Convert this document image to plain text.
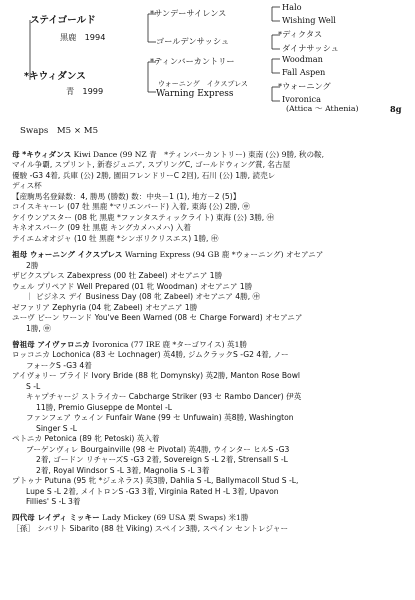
ステイゴールド
黒鹿　1994
*キウィダンス
青　1999
*サンデーサイレンス
ゴールデンサッシュ
*ティンバーカントリー
ウォーニング　イクスプレス
Warning Express
Halo
Wishing Well
*ディクタス
ダイナサッシュ
Woodman
Fall Aspen
*ウォーニング
Ivoronica
(Attica ～ Athenia)	8g
Swaps　M5 × M5
母 *キウィダンス Kiwi Dance (99 NZ 青　*ティンバーカントリー) 東南 (公) 9勝, 秋の鞍,
マイル争覇, スプリント, 新春ジュニア, スプリングC, ゴールドウィング賞, 名古屋
優駿 -G3 4着, 兵庫 (公) 2勝, 園田フレンドリーC 2回), 石川 (公) 1勝, 読売レ
ディス杯
【産駒馬名登録数：4, 勝馬 (勝数) 数：中央－1 (1), 地方－2 (5)】
コイスキャーレ (07 牡 黒鹿 *マリエンバード) 入着, 東海 (公) 2勝, ㊥
ケイウンアスター (08 牝 黒鹿 *ファンタスティックライト) 東海 (公) 3勝, ㊥
キネオスバーク (09 牡 黒鹿 キングカメハメハ) 入着
テイエムオオジャ (10 牡 黒鹿 *シンボリクリスエス) 1勝, ㊥
祖母 ウォーニング イクスプレス Warning Express (94 GB 鹿 *ウォーニング) オセアニア
2勝
ザビクスプレス Zabexpress (00 牡 Zabeel) オセアニア 1勝
ウェル プリペアド Well Prepared (01 牝 Woodman) オセアニア 1勝
｜ ビジネス デイ Business Day (08 牝 Zabeel) オセアニア 4勝, ㊥
ゼファリア Zephyria (04 牝 Zabeel) オセアニア 1勝
ユーヴ ビーン ワーンド You've Been Warned (08 セ Charge Forward) オセアニア
1勝, ㊥
曾祖母 アイヴァロニカ Ivoronica (77 IRE 鹿 *ターゴワイス) 英1勝
ロッコニカ Lochonica (83 セ Lochnager) 英4勝, ジムクラックS -G2 4着, ノー
フォークS -G3 4着
アイヴォリー ブライド Ivory Bride (88 牝 Domynsky) 英2勝, Manton Rose Bowl
S -L
キャプチャージ ストライカー Cabcharge Striker (93 セ Rambo Dancer) 伊英
11勝, Premio Giuseppe de Montel -L
ファンフェア ウェイン Funfair Wane (99 セ Unfuwain) 英8勝, Washington
Singer S -L
ペトニカ Petonica (89 牝 Petoski) 英入着
ブーゲンヴィレ Bourgainville (98 セ Pivotal) 英4勝, ウインター ヒルS -G3
2着, ゴードン リチャーズS -G3 2着, Sovereign S -L 2着, Strensall S -L
2着, Royal Windsor S -L 3着, Magnolia S -L 3着
プトゥナ Putuna (95 牝 *ジェネラス) 英3勝, Dahlia S -L, Ballymacoll Stud S -L,
Lupe S -L 2着, メイトロンS -G3 3着, Virginia Rated H -L 3着, Upavon
Fillies' S -L 3着
四代母 レイディ ミッキー Lady Mickey (69 USA 栗 Swaps) 米1勝
［孫］ シバリト Sibarito (88 牡 Viking) スペイン3勝, スペイン セントレジャー
